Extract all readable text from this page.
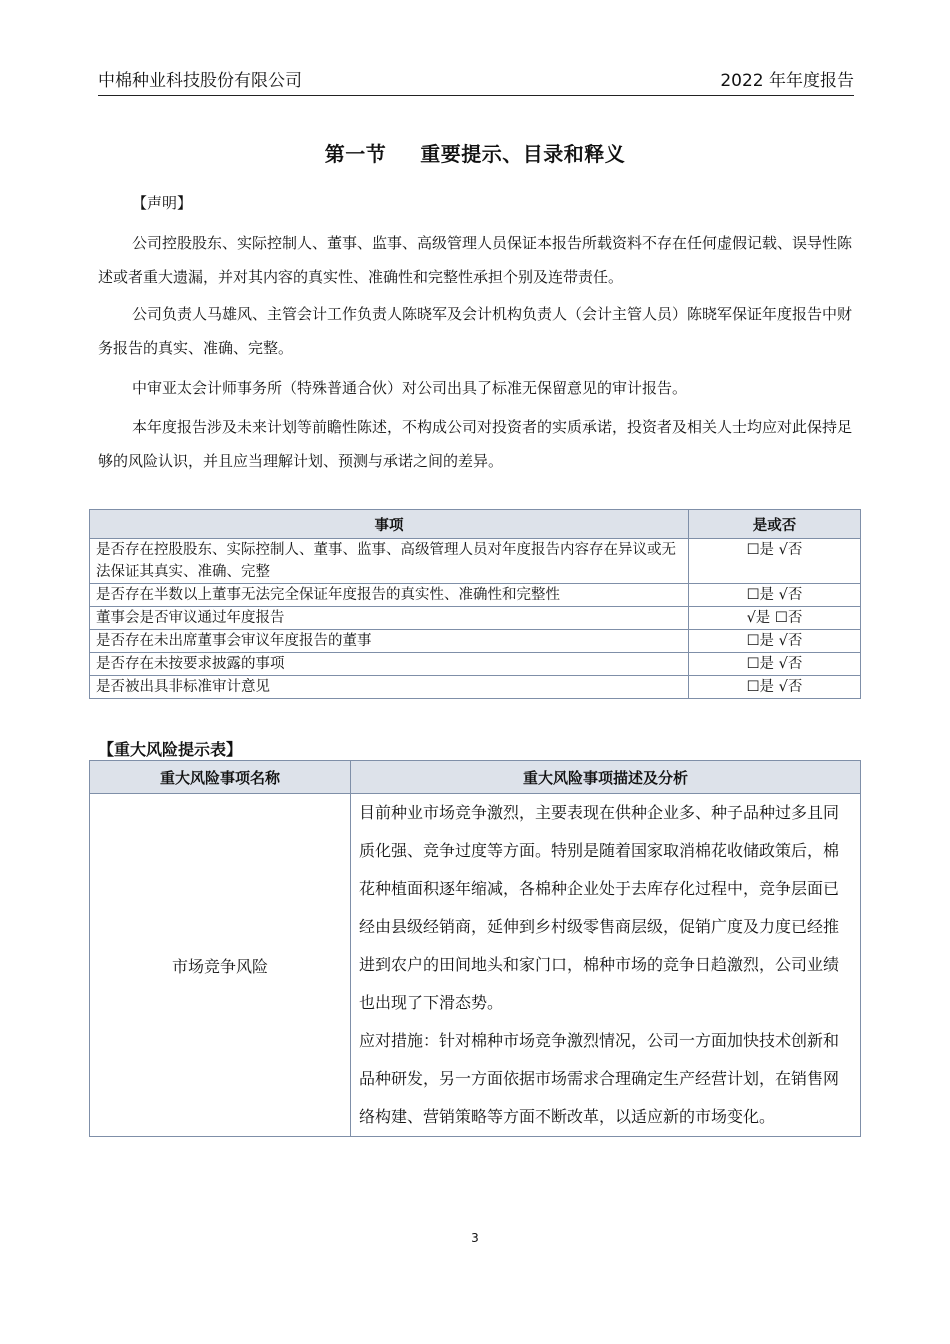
中棉种业科技股份有限公司	2022 年年度报告
第一节 重要提示、目录和释义
【声明】
公司控股股东、实际控制人、董事、监事、高级管理人员保证本报告所载资料不存在任何虚假记载、误导性陈述或者重大遗漏，并对其内容的真实性、准确性和完整性承担个别及连带责任。
公司负责人马雄风、主管会计工作负责人陈晓军及会计机构负责人（会计主管人员）陈晓军保证年度报告中财务报告的真实、准确、完整。
中审亚太会计师事务所（特殊普通合伙）对公司出具了标准无保留意见的审计报告。
本年度报告涉及未来计划等前瞻性陈述，不构成公司对投资者的实质承诺，投资者及相关人士均应对此保持足够的风险认识，并且应当理解计划、预测与承诺之间的差异。
事项	是或否
是否存在控股股东、实际控制人、董事、监事、高级管理人员对年度报告内容存在异议或无法保证其真实、准确、完整	☐是 √否
是否存在半数以上董事无法完全保证年度报告的真实性、准确性和完整性	☐是 √否
董事会是否审议通过年度报告	√是 ☐否
是否存在未出席董事会审议年度报告的董事	☐是 √否
是否存在未按要求披露的事项	☐是 √否
是否被出具非标准审计意见	☐是 √否
【重大风险提示表】
重大风险事项名称	重大风险事项描述及分析
市场竞争风险	目前种业市场竞争激烈，主要表现在供种企业多、种子品种过多且同质化强、竞争过度等方面。特别是随着国家取消棉花收储政策后，棉花种植面积逐年缩减，各棉种企业处于去库存化过程中，竞争层面已经由县级经销商，延伸到乡村级零售商层级，促销广度及力度已经推进到农户的田间地头和家门口，棉种市场的竞争日趋激烈，公司业绩也出现了下滑态势。
应对措施：针对棉种市场竞争激烈情况，公司一方面加快技术创新和品种研发，另一方面依据市场需求合理确定生产经营计划，在销售网络构建、营销策略等方面不断改革，以适应新的市场变化。
3
